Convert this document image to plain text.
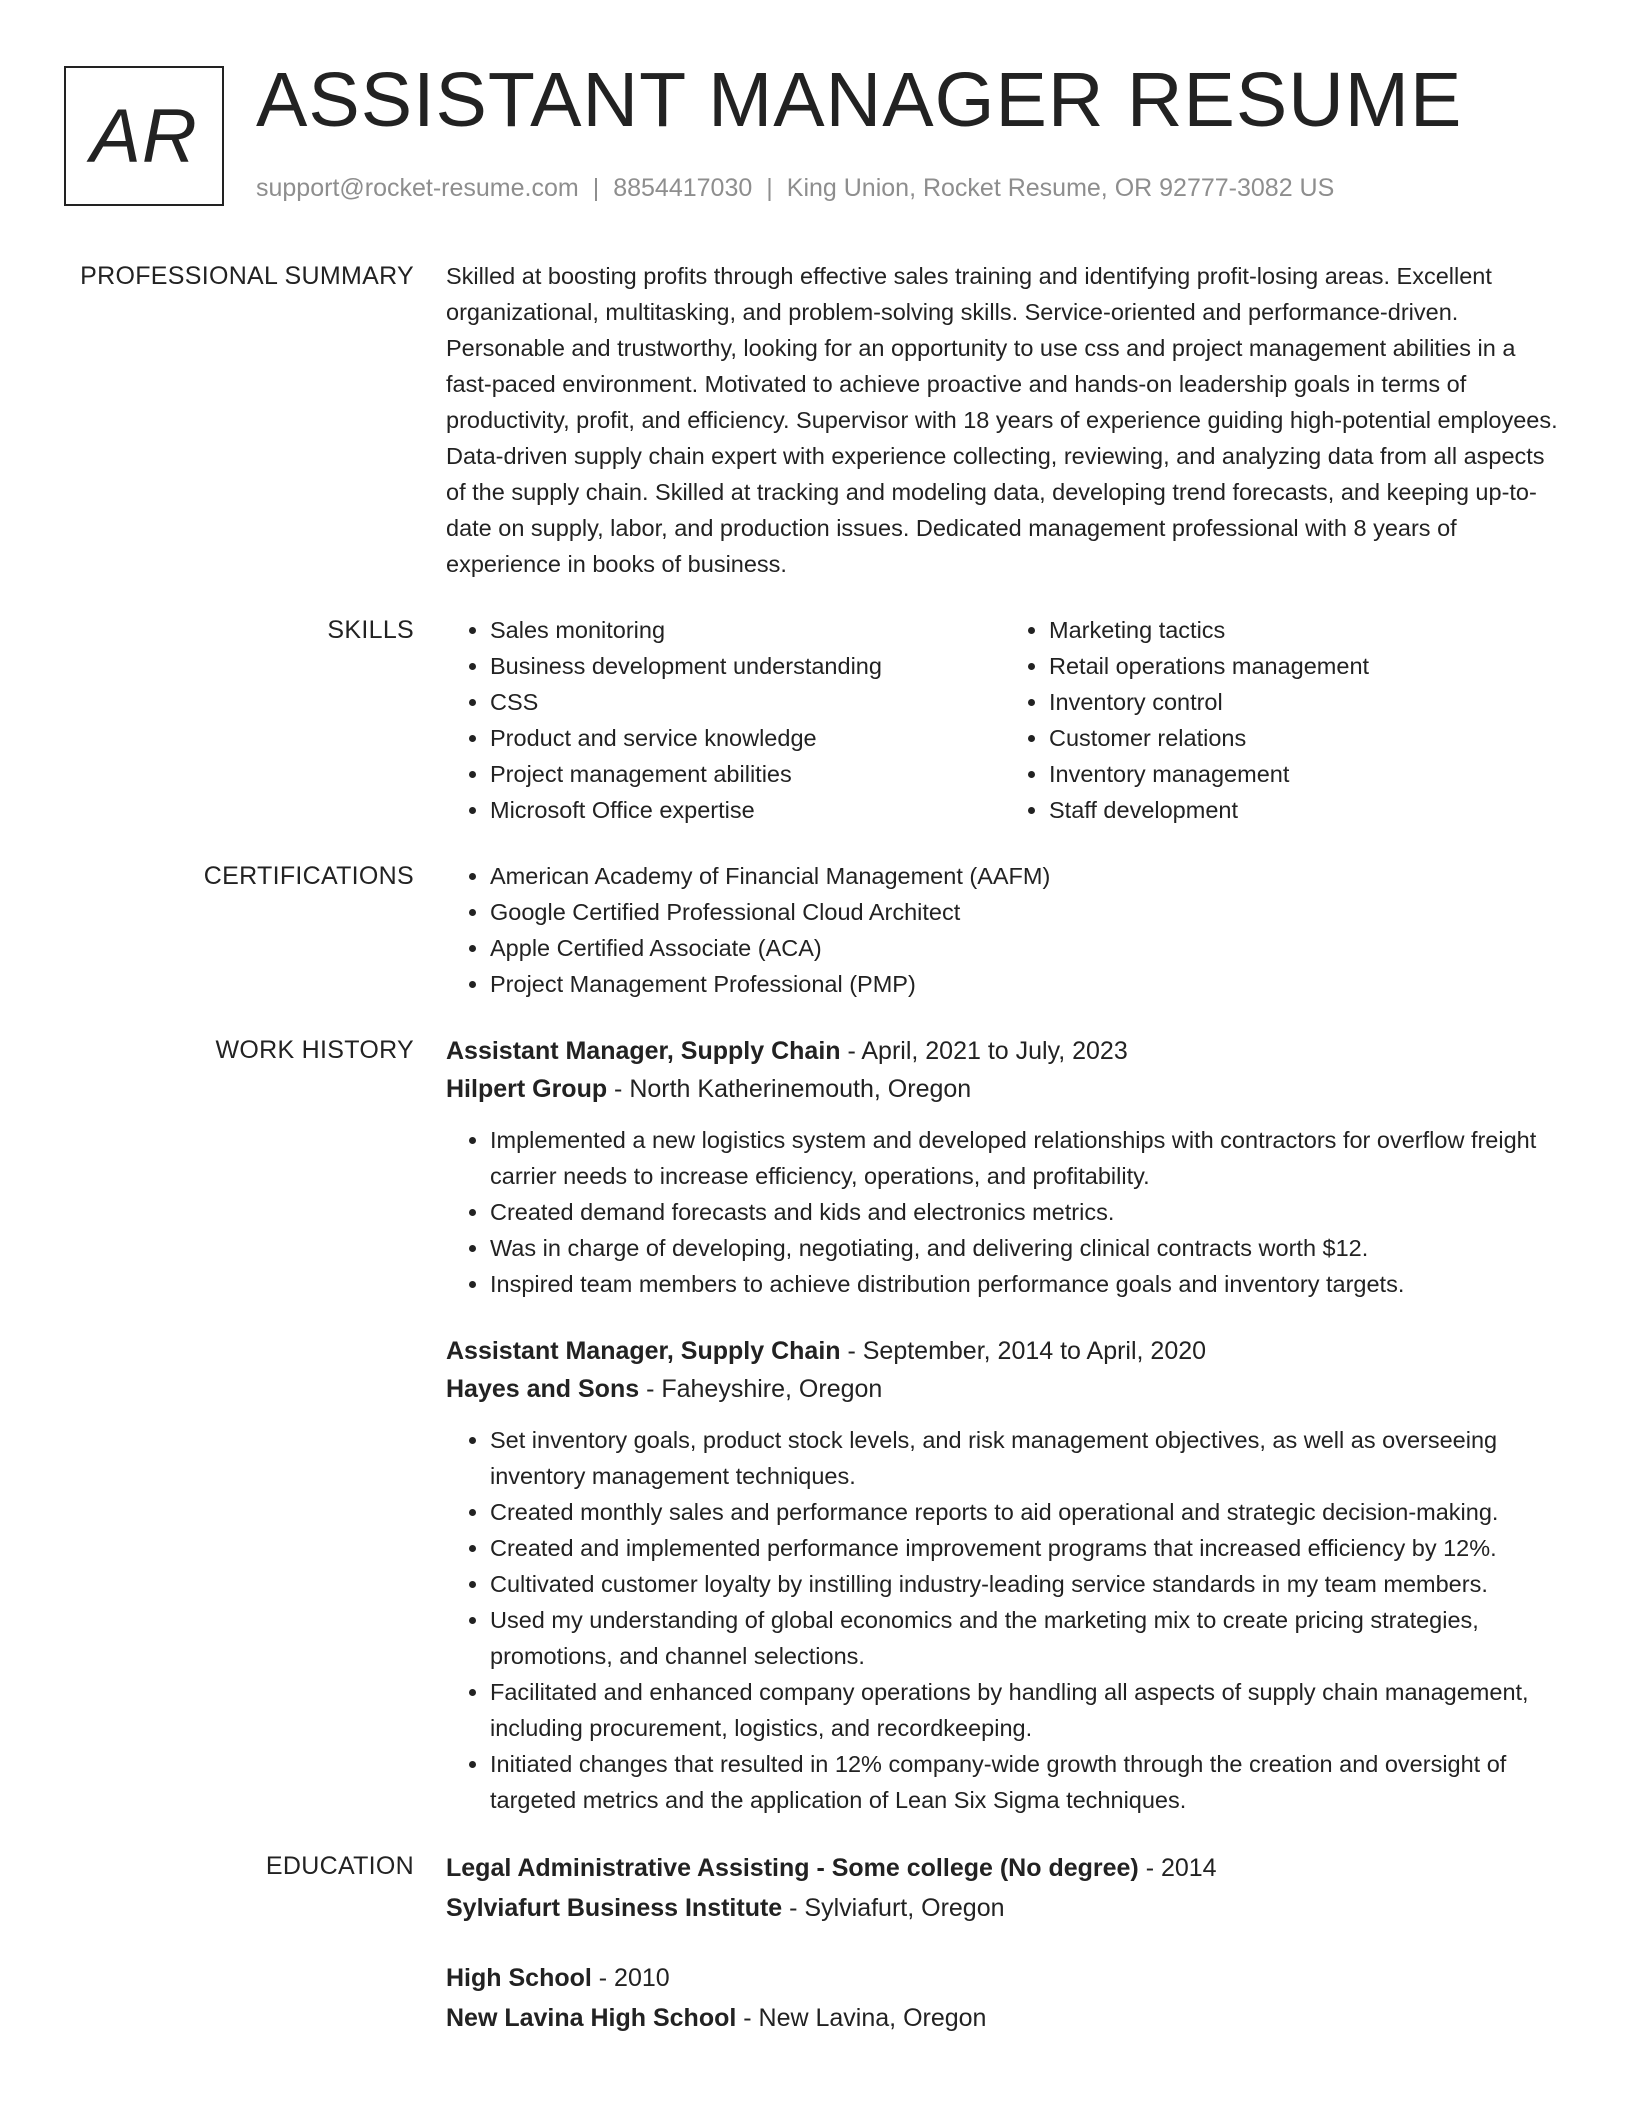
AR ASSISTANT MANAGER RESUME
support@rocket-resume.com | 8854417030 | King Union, Rocket Resume, OR 92777-3082 US
PROFESSIONAL SUMMARY Skilled at boosting profits through effective sales training and identifying profit-losing areas. Excellent organizational, multitasking, and problem-solving skills. Service-oriented and performance-driven. Personable and trustworthy, looking for an opportunity to use css and project management abilities in a fast-paced environment. Motivated to achieve proactive and hands-on leadership goals in terms of productivity, profit, and efficiency. Supervisor with 18 years of experience guiding high-potential employees. Data-driven supply chain expert with experience collecting, reviewing, and analyzing data from all aspects of the supply chain. Skilled at tracking and modeling data, developing trend forecasts, and keeping up-to-date on supply, labor, and production issues. Dedicated management professional with 8 years of experience in books of business.

SKILLS	• Sales monitoring
• Business development understanding
• CSS
• Product and service knowledge
• Project management abilities
• Microsoft Office expertise
• Marketing tactics
• Retail operations management
• Inventory control
• Customer relations
• Inventory management
• Staff development
CERTIFICATIONS	• American Academy of Financial Management (AAFM)
• Google Certified Professional Cloud Architect
• Apple Certified Associate (ACA)
• Project Management Professional (PMP)
WORK HISTORY Assistant Manager, Supply Chain - April, 2021 to July, 2023
Hilpert Group - North Katherinemouth, Oregon
• Implemented a new logistics system and developed relationships with contractors for overflow freight carrier needs to increase efficiency, operations, and profitability.
• Created demand forecasts and kids and electronics metrics.
• Was in charge of developing, negotiating, and delivering clinical contracts worth $12.
• Inspired team members to achieve distribution performance goals and inventory targets.
Assistant Manager, Supply Chain - September, 2014 to April, 2020
Hayes and Sons - Faheyshire, Oregon
• Set inventory goals, product stock levels, and risk management objectives, as well as overseeing inventory management techniques.
• Created monthly sales and performance reports to aid operational and strategic decision-making.
• Created and implemented performance improvement programs that increased efficiency by 12%.
• Cultivated customer loyalty by instilling industry-leading service standards in my team members.
• Used my understanding of global economics and the marketing mix to create pricing strategies, promotions, and channel selections.
• Facilitated and enhanced company operations by handling all aspects of supply chain management, including procurement, logistics, and recordkeeping.
• Initiated changes that resulted in 12% company-wide growth through the creation and oversight of targeted metrics and the application of Lean Six Sigma techniques.
EDUCATION Legal Administrative Assisting - Some college (No degree) - 2014
Sylviafurt Business Institute - Sylviafurt, Oregon
High School - 2010
New Lavina High School - New Lavina, Oregon
